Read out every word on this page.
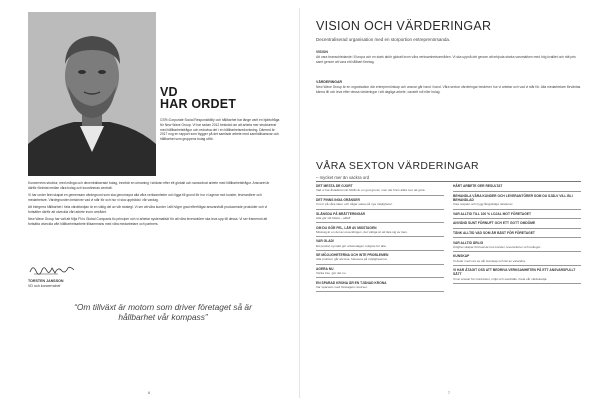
VD
HAR ORDET

CSR=Corporate Social Responsibility och hållbarhet har länge varit en bjärtofråga för New Wave Group. Vi har sedan 2012 beslutat om att arbeta mer strukturerat med hållbarhetsfrågor och redovisa det i en hållbarhetsredovisning. Därmed är 2017 nog en rapport som bygger på det samlade arbete med samhällsansvar och hållbarhet som gruppens bolag utför.

Koncernens struktur, med många och decentraliserade bolag, innebär en utmaning i strävan efter ett globalt och samordnat arbete med hållbarhetsfrågor. Ansvaret är därför fördelat mellan våra bolag och koordineras centralt.

Vi har under året skapat en gemensam värdegrund som ska genomsyra alla våra verksamheter och ligga till grund för hur vi agerar mot kunder, leverantörer och medarbetare. Värdegrunden beskriver vad vi står för och hur vi ska uppträda i vår vardag.

Att integrera hållbarhet i hela värdekedjan är en viktig del av vår strategi. Vi ser att våra kunder i allt högre grad efterfrågar ansvarsfullt producerade produkter och vi fortsätter därför att utveckla vårt arbete inom området.

New Wave Group har valt att följa FN:s Global Compacts tio principer och vi arbetar systematiskt för att våra leverantörer ska leva upp till dessa. Vi ser framemot att fortsätta utveckla vårt hållbarhetsarbete tillsammans med våra medarbetare och partners.

TORSTEN JANSSON
VD och koncernchef

“Om tillväxt är motorn som driver företaget så är hållbarhet vår kompass”

6
VISION OCH VÄRDERINGAR

Decentraliserad organisation med en storportion entreprenörsanda.

VISION

Att vara branschledande i Europa och en stark aktör globalt inom våra verksamhetsområden. Vi ska uppnå det genom att erbjuda starka varumärken med hög kvalitet och rätt pris samt genom att vara ett hållbart företag.

VÄRDERINGAR

New Wave Group är en organisation där entreprenörskap och ansvar går hand i hand. Våra sexton värderingar beskriver hur vi arbetar och vad vi står för. Alla medarbetare förväntas känna till och leva efter dessa värderingar i sitt dagliga arbete, oavsett roll eller bolag.

VÅRA SEXTON VÄRDERINGAR

– mycket mer än vackra ord

DET MESTA ÄR GJORT

Vad vi har åstadkommit hittills är en god grund, men det finns alltid mer att göra.

DET FINNS INGA GRÄNSER

Vi tror på våra idéer och vågar satsa på nya möjligheter.

SLÄNGDA PÅ BRÄTTERINGAR

Alla gör sitt bästa – alltid!

OM DU GÖR FEL, LÄR AV MISSTAGEN

Misstag är en del av utvecklingen, det viktiga är att lära sig av dem.

VAR GLAD!

Ett positivt synsätt gör arbetsdagen roligare för alla.

SE MÖJLIGHETERNA OCH INTE PROBLEMEN

Alla problem går att lösa, fokusera på möjligheterna.

AGERA NU

Vänta inte, gör det nu.

EN SPARAD KRONA ÄR EN TJÄNAD KRONA

Var sparsam med företagets resurser.

HÅRT ARBETE GER RESULTAT

BEHANDLA VÅRA KUNDER OCH LEVERANTÖRER SOM DU SJÄLV VILL BLI BEHANDLAD

Visa respekt och bygg långsiktiga relationer.

VAR ALLTID TILL 100 % LOJAL MOT FÖRETAGET

ANVÄND SUNT FÖRNUFT OCH ETT GOTT OMDÖME

TÄNK ALLTID VAD SOM ÄR BÄST FÖR FÖRETAGET

VAR ALLTID ÄRLIG

Ärlighet skapar förtroende hos kunder, leverantörer och kollegor.

KUNSKAP

Vi delar med oss av vår kunskap och lär av varandra.

VI HAR ÅTAGIT OSS ATT BEDRIVA VERKSAMHETEN PÅ ETT ANSVARSFULLT SÄTT

Vi tar ansvar för människor, miljö och samhälle i hela vår värdekedja.

7
